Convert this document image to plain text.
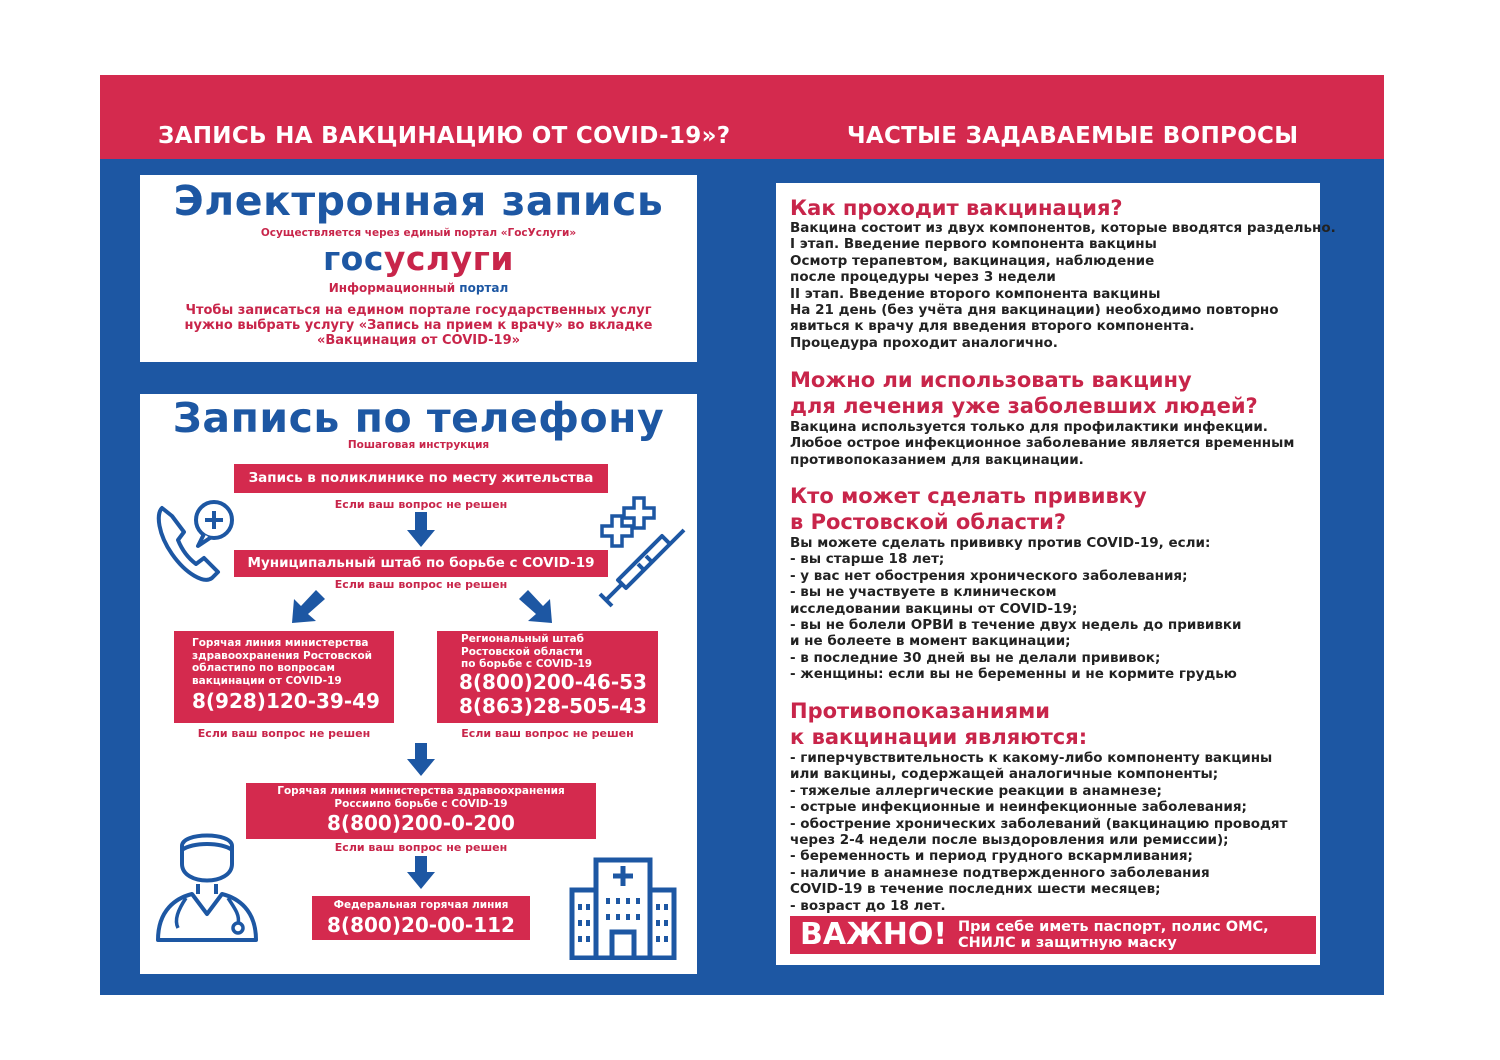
ЗАПИСЬ НА ВАКЦИНАЦИЮ ОТ COVID-19»?	ЧАСТЫЕ ЗАДАВАЕМЫЕ ВОПРОСЫ
Электронная запись
Осуществляется через единый портал «ГосУслуги»
госуслуги
Информационный портал
Чтобы записаться на едином портале государственных услуг
нужно выбрать услугу «Запись на прием к врачу» во вкладке
«Вакцинация от COVID-19»
Запись по телефону
Пошаговая инструкция
Запись в поликлинике по месту жительства
Если ваш вопрос не решен
Муниципальный штаб по борьбе с COVID-19
Если ваш вопрос не решен
Горячая линия министерства
здравоохранения Ростовской
областипо по вопросам
вакцинации от COVID-19
8(928)120-39-49
Если ваш вопрос не решен
Региональный штаб
Ростовской области
по борьбе с COVID-19
8(800)200-46-53
8(863)28-505-43
Если ваш вопрос не решен
Горячая линия министерства здравоохранения
Россиипо борьбе с COVID-19
8(800)200-0-200
Если ваш вопрос не решен
Федеральная горячая линия
8(800)20-00-112
*следуя выше указанной схеме вы сокращаете время записи на вакцинацию от COVID-19
Как проходит вакцинация?
Вакцина состоит из двух компонентов, которые вводятся раздельно.
I этап. Введение первого компонента вакцины
Осмотр терапевтом, вакцинация, наблюдение
после процедуры через 3 недели
II этап. Введение второго компонента вакцины
На 21 день (без учёта дня вакцинации) необходимо повторно
явиться к врачу для введения второго компонента.
Процедура проходит аналогично.
Можно ли использовать вакцину
для лечения уже заболевших людей?
Вакцина используется только для профилактики инфекции.
Любое острое инфекционное заболевание является временным
противопоказанием для вакцинации.
Кто может сделать прививку
в Ростовской области?
Вы можете сделать прививку против COVID-19, если:
- вы старше 18 лет;
- у вас нет обострения хронического заболевания;
- вы не участвуете в клиническом
исследовании вакцины от COVID-19;
- вы не болели ОРВИ в течение двух недель до прививки
и не болеете в момент вакцинации;
- в последние 30 дней вы не делали прививок;
- женщины: если вы не беременны и не кормите грудью
Противопоказаниями
к вакцинации являются:
- гиперчувствительность к какому-либо компоненту вакцины
или вакцины, содержащей аналогичные компоненты;
- тяжелые аллергические реакции в анамнезе;
- острые инфекционные и неинфекционные заболевания;
- обострение хронических заболеваний (вакцинацию проводят
через 2-4 недели после выздоровления или ремиссии);
- беременность и период грудного вскармливания;
- наличие в анамнезе подтвержденного заболевания
COVID-19 в течение последних шести месяцев;
- возраст до 18 лет.
ВАЖНО! При себе иметь паспорт, полис ОМС,
СНИЛС и защитную маску
